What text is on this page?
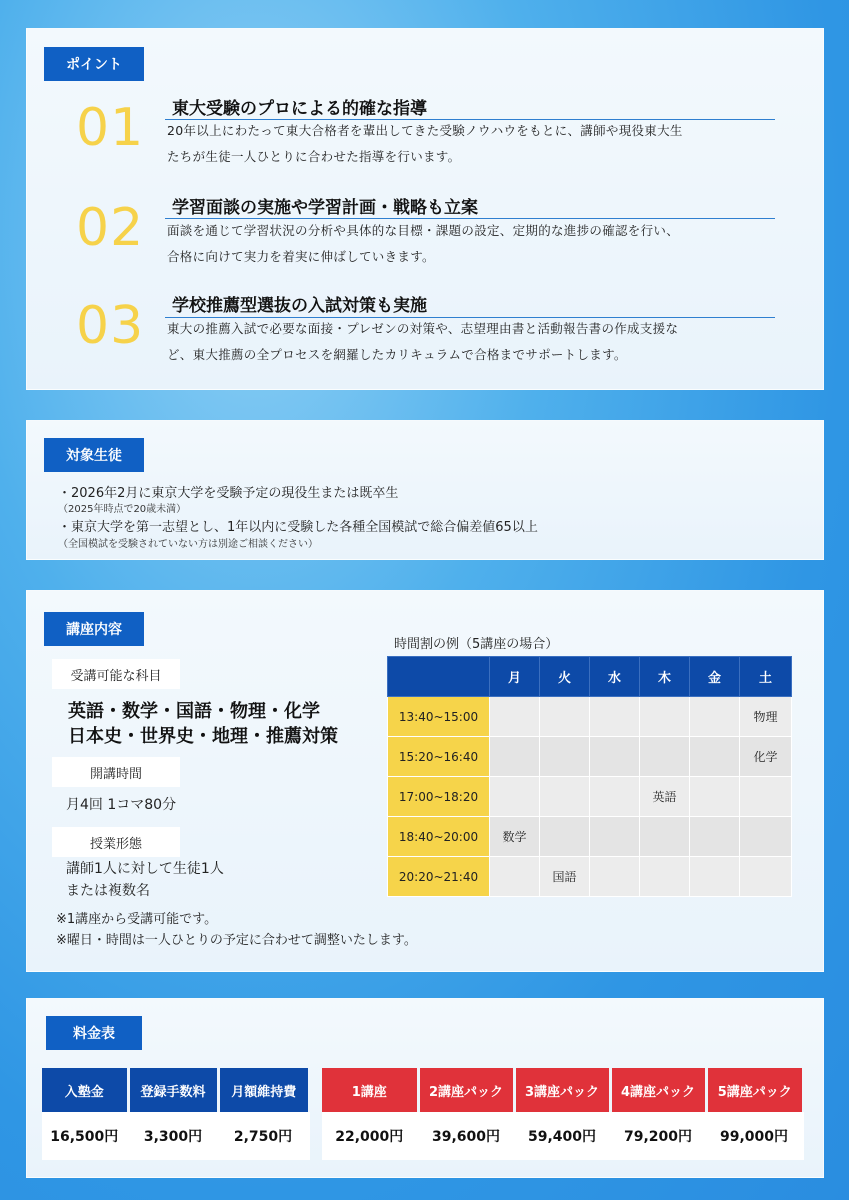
ポイント
01 東大受験のプロによる的確な指導
20年以上にわたって東大合格者を輩出してきた受験ノウハウをもとに、講師や現役東大生
たちが生徒一人ひとりに合わせた指導を行います。
02 学習面談の実施や学習計画・戦略も立案
面談を通じて学習状況の分析や具体的な目標・課題の設定、定期的な進捗の確認を行い、
合格に向けて実力を着実に伸ばしていきます。
03 学校推薦型選抜の入試対策も実施
東大の推薦入試で必要な面接・プレゼンの対策や、志望理由書と活動報告書の作成支援な
ど、東大推薦の全プロセスを網羅したカリキュラムで合格までサポートします。
対象生徒
・2026年2月に東京大学を受験予定の現役生または既卒生
（2025年時点で20歳未満）
・東京大学を第一志望とし、1年以内に受験した各種全国模試で総合偏差値65以上
（全国模試を受験されていない方は別途ご相談ください）
講座内容
受講可能な科目
英語・数学・国語・物理・化学
日本史・世界史・地理・推薦対策
開講時間
月4回 1コマ80分
授業形態
講師1人に対して生徒1人
または複数名
※1講座から受講可能です。
※曜日・時間は一人ひとりの予定に合わせて調整いたします。
時間割の例（5講座の場合）
	月	火	水	木	金	土
13:40~15:00						物理
15:20~16:40						化学
17:00~18:20				英語		
18:40~20:00	数学					
20:20~21:40		国語				
料金表
入塾金	登録手数料	月額維持費
16,500円	3,300円	2,750円
1講座	2講座パック	3講座パック	4講座パック	5講座パック
22,000円	39,600円	59,400円	79,200円	99,000円
